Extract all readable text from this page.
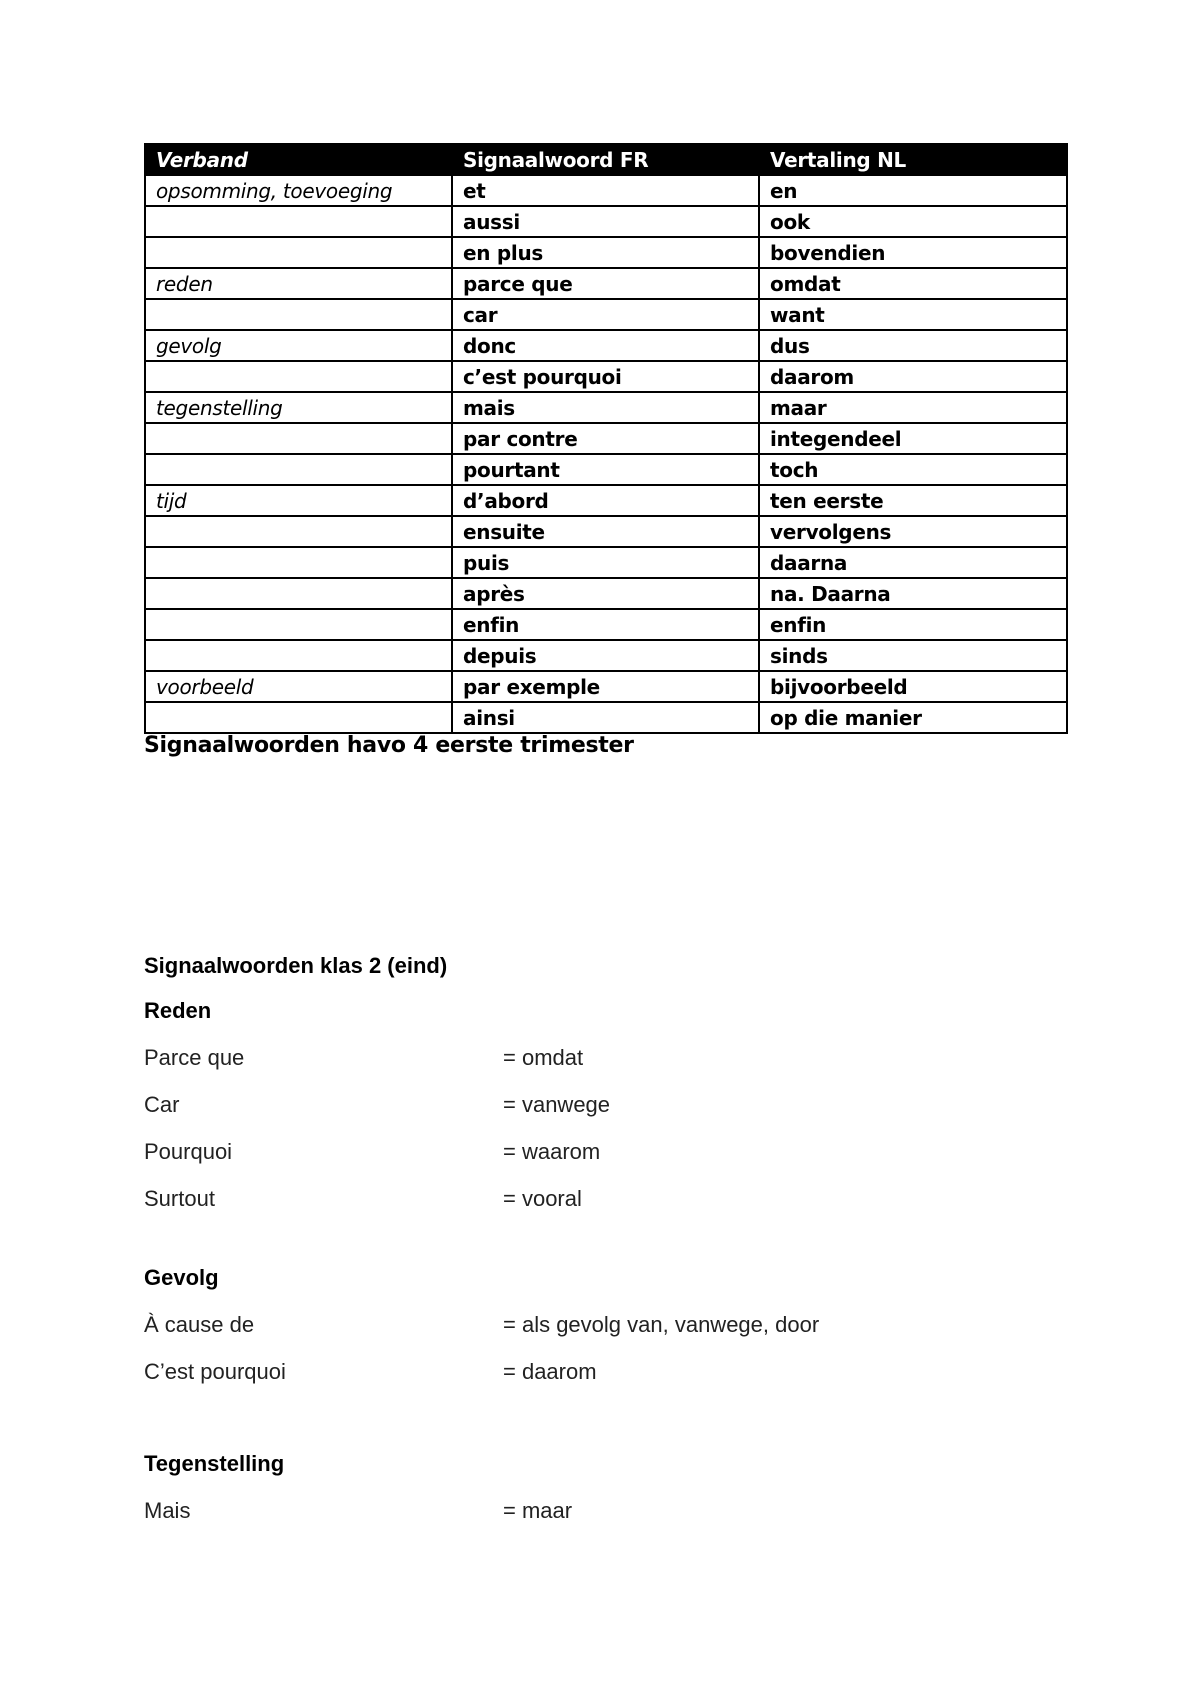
Verband	Signaalwoord FR	Vertaling NL
opsomming, toevoeging	et	en
	aussi	ook
	en plus	bovendien
reden	parce que	omdat
	car	want
gevolg	donc	dus
	c’est pourquoi	daarom
tegenstelling	mais	maar
	par contre	integendeel
	pourtant	toch
tijd	d’abord	ten eerste
	ensuite	vervolgens
	puis	daarna
	après	na. Daarna
	enfin	enfin
	depuis	sinds
voorbeeld	par exemple	bijvoorbeeld
	ainsi	op die manier
Signaalwoorden havo 4 eerste trimester
Signaalwoorden klas 2 (eind)
Reden
Parce que	= omdat
Car	= vanwege
Pourquoi	= waarom
Surtout	= vooral
Gevolg
À cause de	= als gevolg van, vanwege, door
C’est pourquoi	= daarom
Tegenstelling
Mais	= maar
